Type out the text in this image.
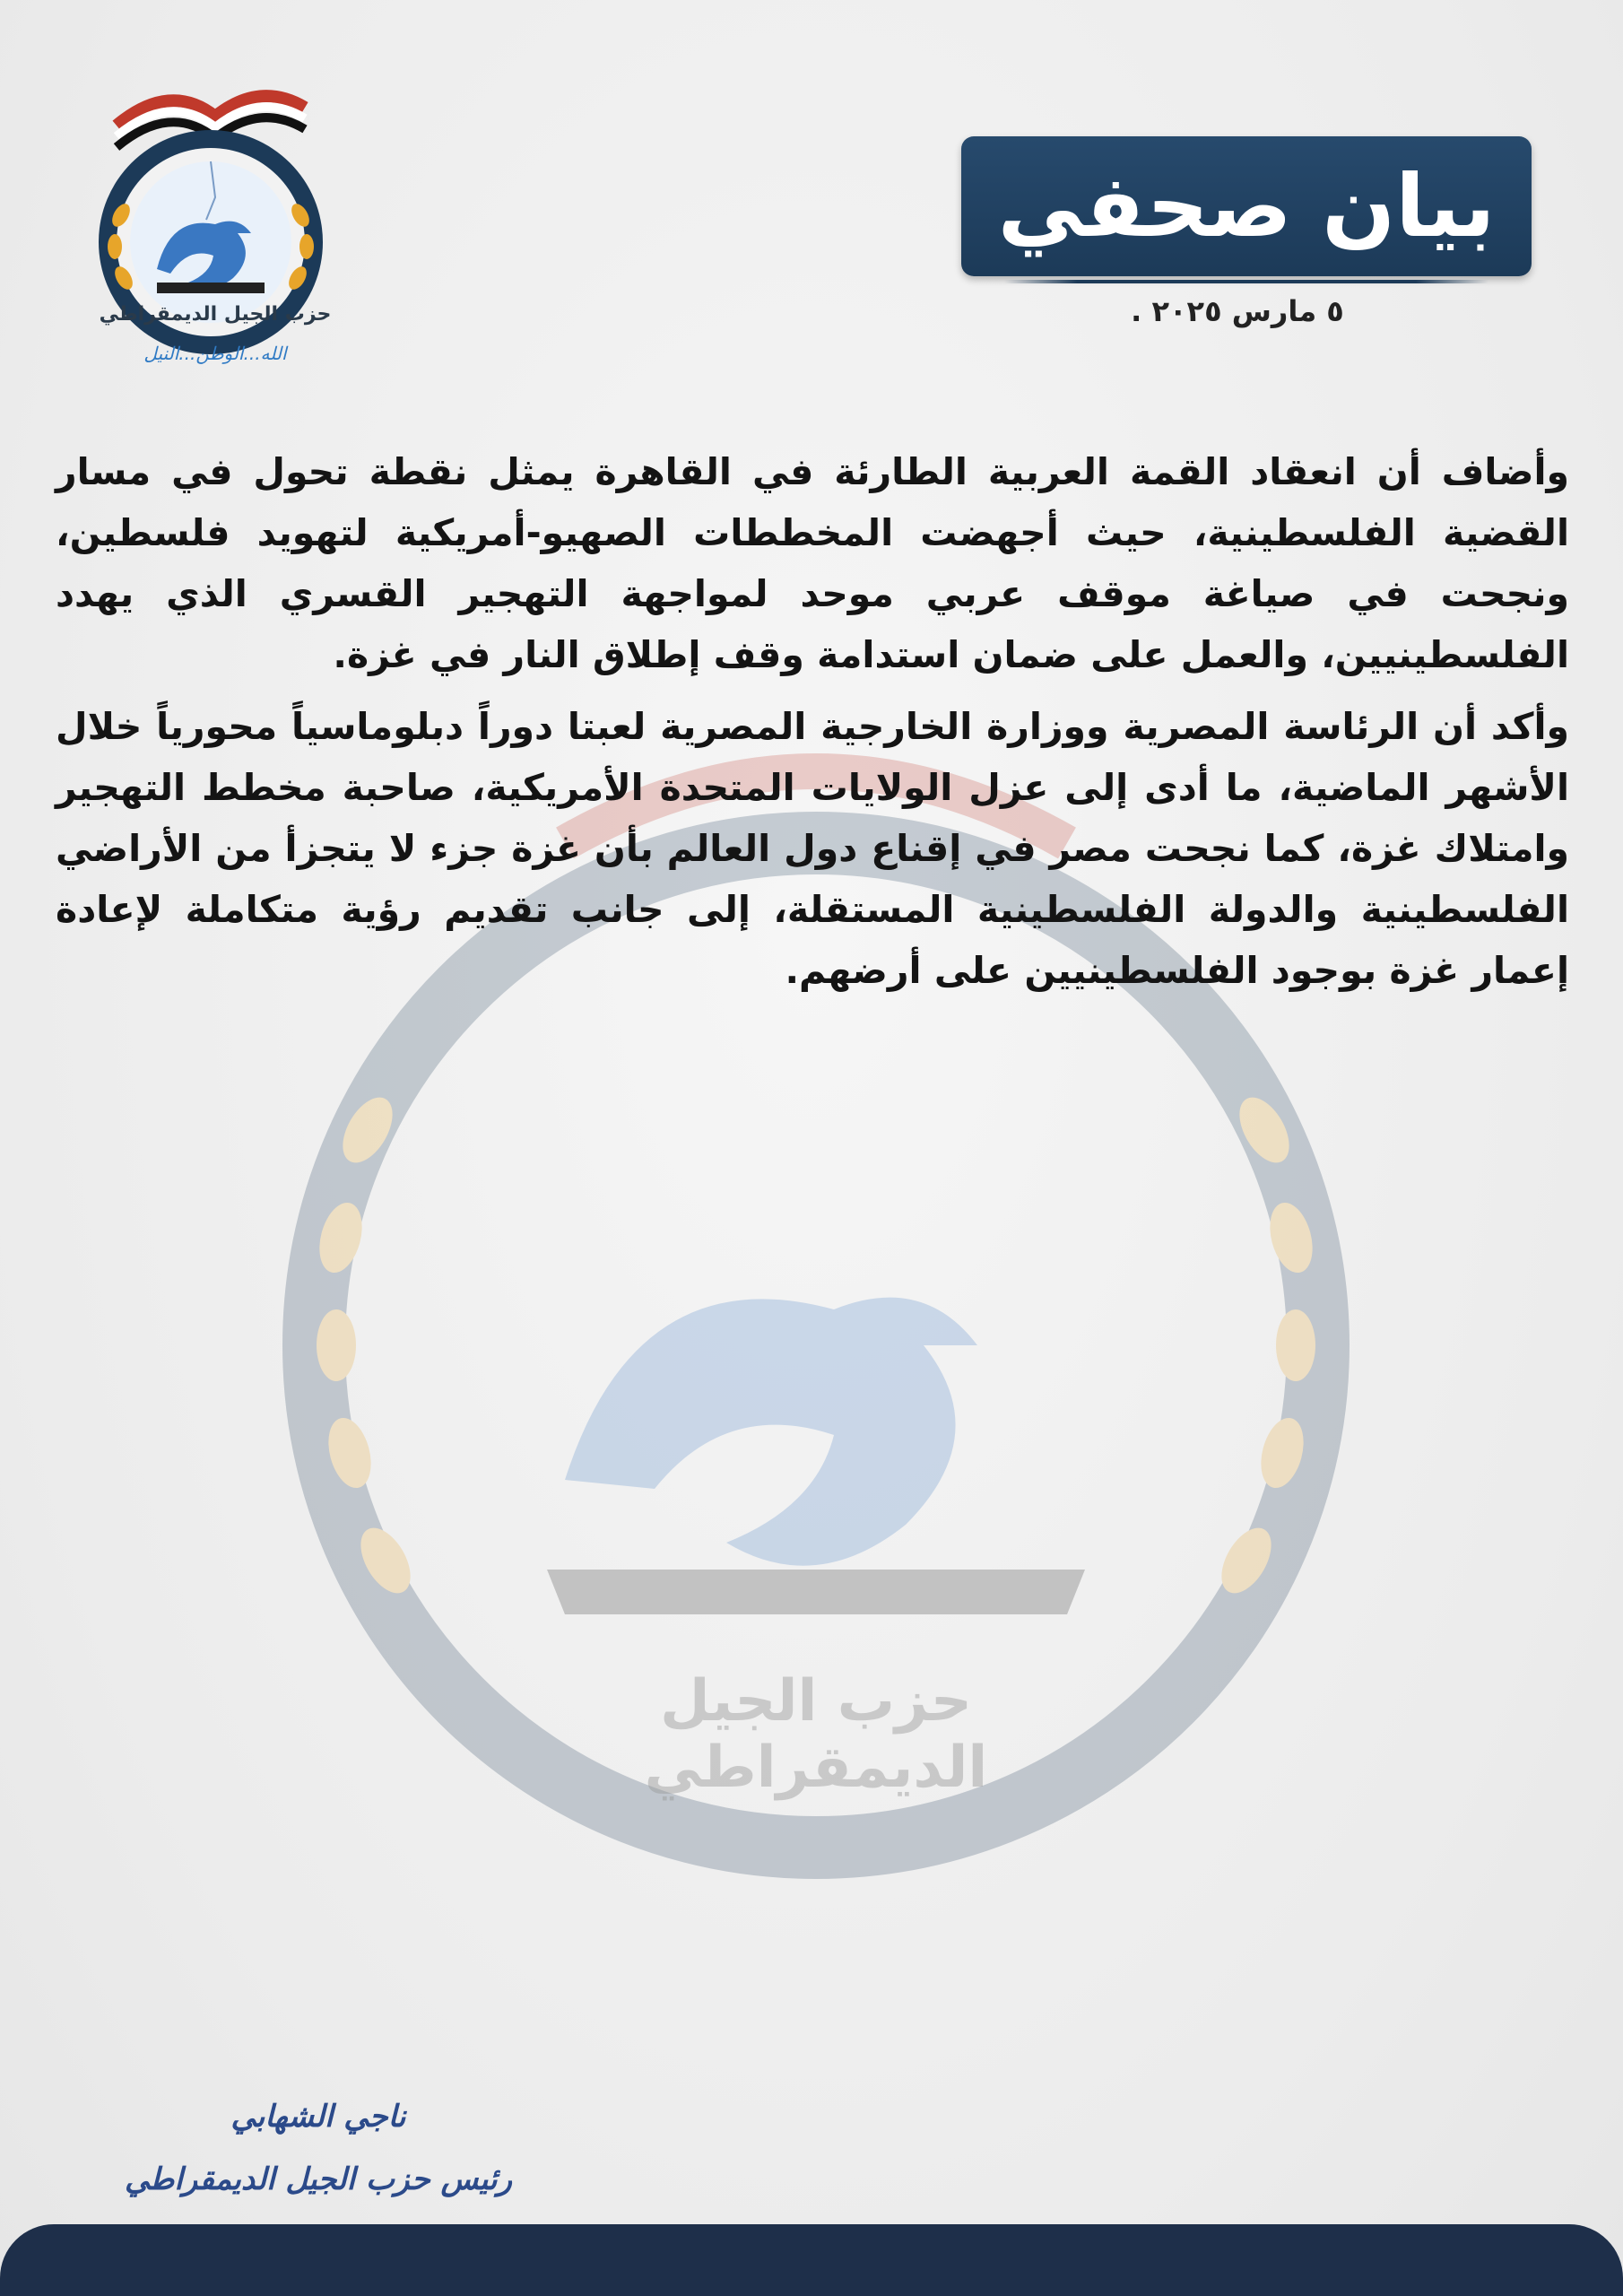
حزب الجيل الديمقراطي
حزب الجيل الديمقراطي
الله...الوطن...النيل
بيان صحفي
٥ مارس ٢٠٢٥ .

وأضاف أن انعقاد القمة العربية الطارئة في القاهرة يمثل نقطة تحول في مسار القضية الفلسطينية، حيث أجهضت المخططات الصهيو-أمريكية لتهويد فلسطين، ونجحت في صياغة موقف عربي موحد لمواجهة التهجير القسري الذي يهدد الفلسطينيين، والعمل على ضمان استدامة وقف إطلاق النار في غزة.

وأكد أن الرئاسة المصرية ووزارة الخارجية المصرية لعبتا دوراً دبلوماسياً محورياً خلال الأشهر الماضية، ما أدى إلى عزل الولايات المتحدة الأمريكية، صاحبة مخطط التهجير وامتلاك غزة، كما نجحت مصر في إقناع دول العالم بأن غزة جزء لا يتجزأ من الأراضي الفلسطينية والدولة الفلسطينية المستقلة، إلى جانب تقديم رؤية متكاملة لإعادة إعمار غزة بوجود الفلسطينيين على أرضهم.

ناجي الشهابي
رئيس حزب الجيل الديمقراطي
